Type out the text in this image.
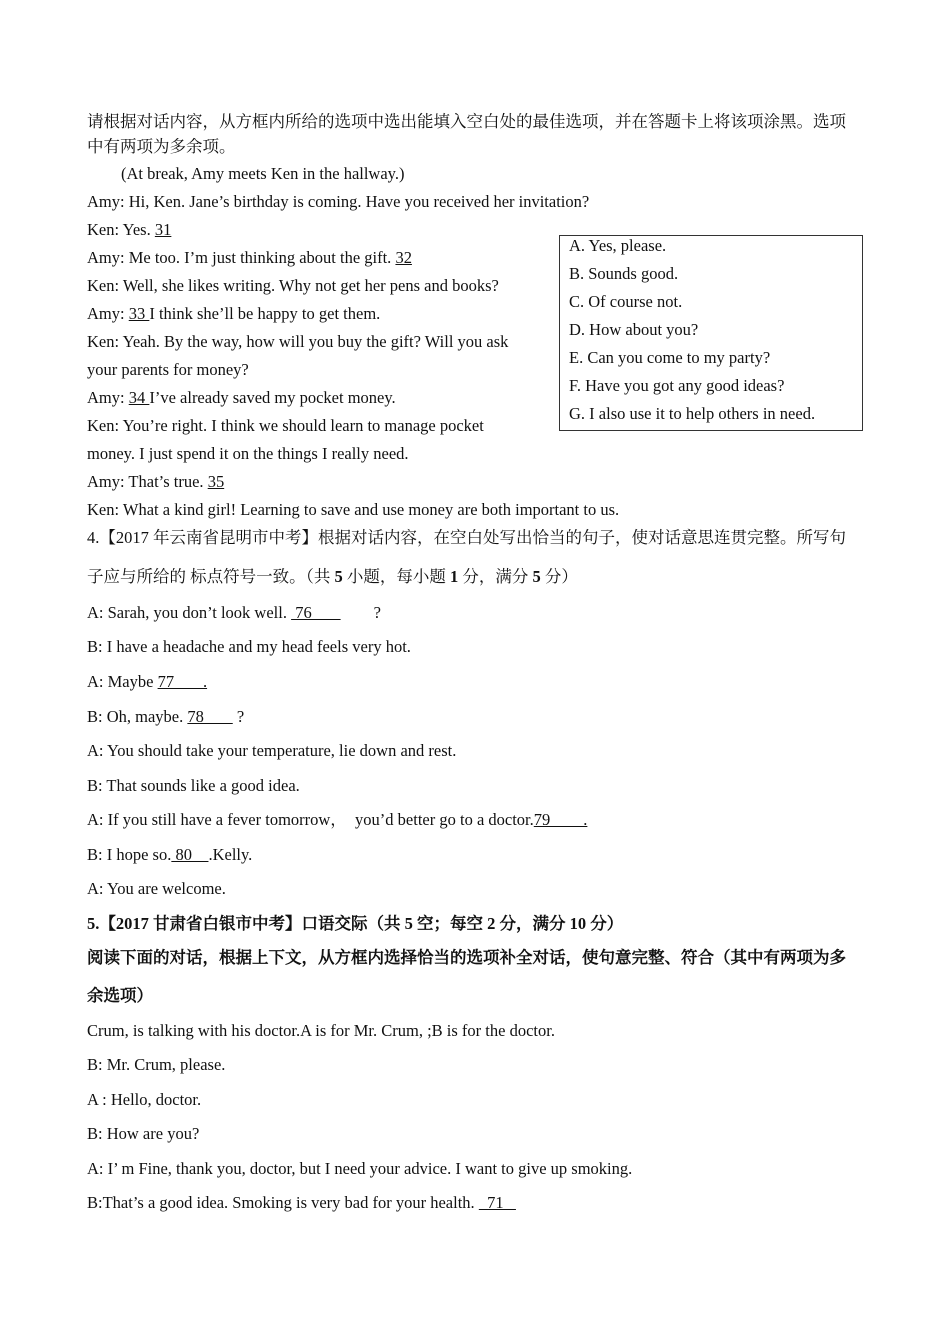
请根据对话内容，从方框内所给的选项中选出能填入空白处的最佳选项，并在答题卡上将该项涂黑。选项
中有两项为多余项。
(At break, Amy meets Ken in the hallway.)
Amy: Hi, Ken. Jane’s birthday is coming. Have you received her invitation?
Ken: Yes. 31
Amy: Me too. I’m just thinking about the gift. 32
Ken: Well, she likes writing. Why not get her pens and books?
Amy: 33 I think she’ll be happy to get them.
Ken: Yeah. By the way, how will you buy the gift? Will you ask
your parents for money?
Amy: 34 I’ve already saved my pocket money.
Ken: You’re right. I think we should learn to manage pocket
money. I just spend it on the things I really need.
Amy: That’s true. 35
Ken: What a kind girl! Learning to save and use money are both important to us.
A. Yes, please.
B. Sounds good.
C. Of course not.
D. How about you?
E. Can you come to my party?
F. Have you got any good ideas?
G. I also use it to help others in need.
4.【2017 年云南省昆明市中考】根据对话内容，在空白处写出恰当的句子，使对话意思连贯完整。所写句
子应与所给的 标点符号一致。（共 5 小题，每小题 1 分，满分 5 分）
A: Sarah, you don’t look well.  76               ?
B: I have a headache and my head feels very hot.
A: Maybe 77       .
B: Oh, maybe. 78        ?
A: You should take your temperature, lie down and rest.
B: That sounds like a good idea.
A: If you still have a fever tomorrow，  you’d better go to a doctor.79        .
B: I hope so. 80    .Kelly.
A: You are welcome.
5.【2017 甘肃省白银市中考】口语交际（共 5 空；每空 2 分，满分 10 分）
阅读下面的对话，根据上下文，从方框内选择恰当的选项补全对话，使句意完整、符合（其中有两项为多
余选项）
Crum, is talking with his doctor.A is for Mr. Crum, ;B is for the doctor.
B: Mr. Crum, please.
A : Hello, doctor.
B: How are you?
A: I’ m Fine, thank you, doctor, but I need your advice. I want to give up smoking.
B:That’s a good idea. Smoking is very bad for your health.   71
